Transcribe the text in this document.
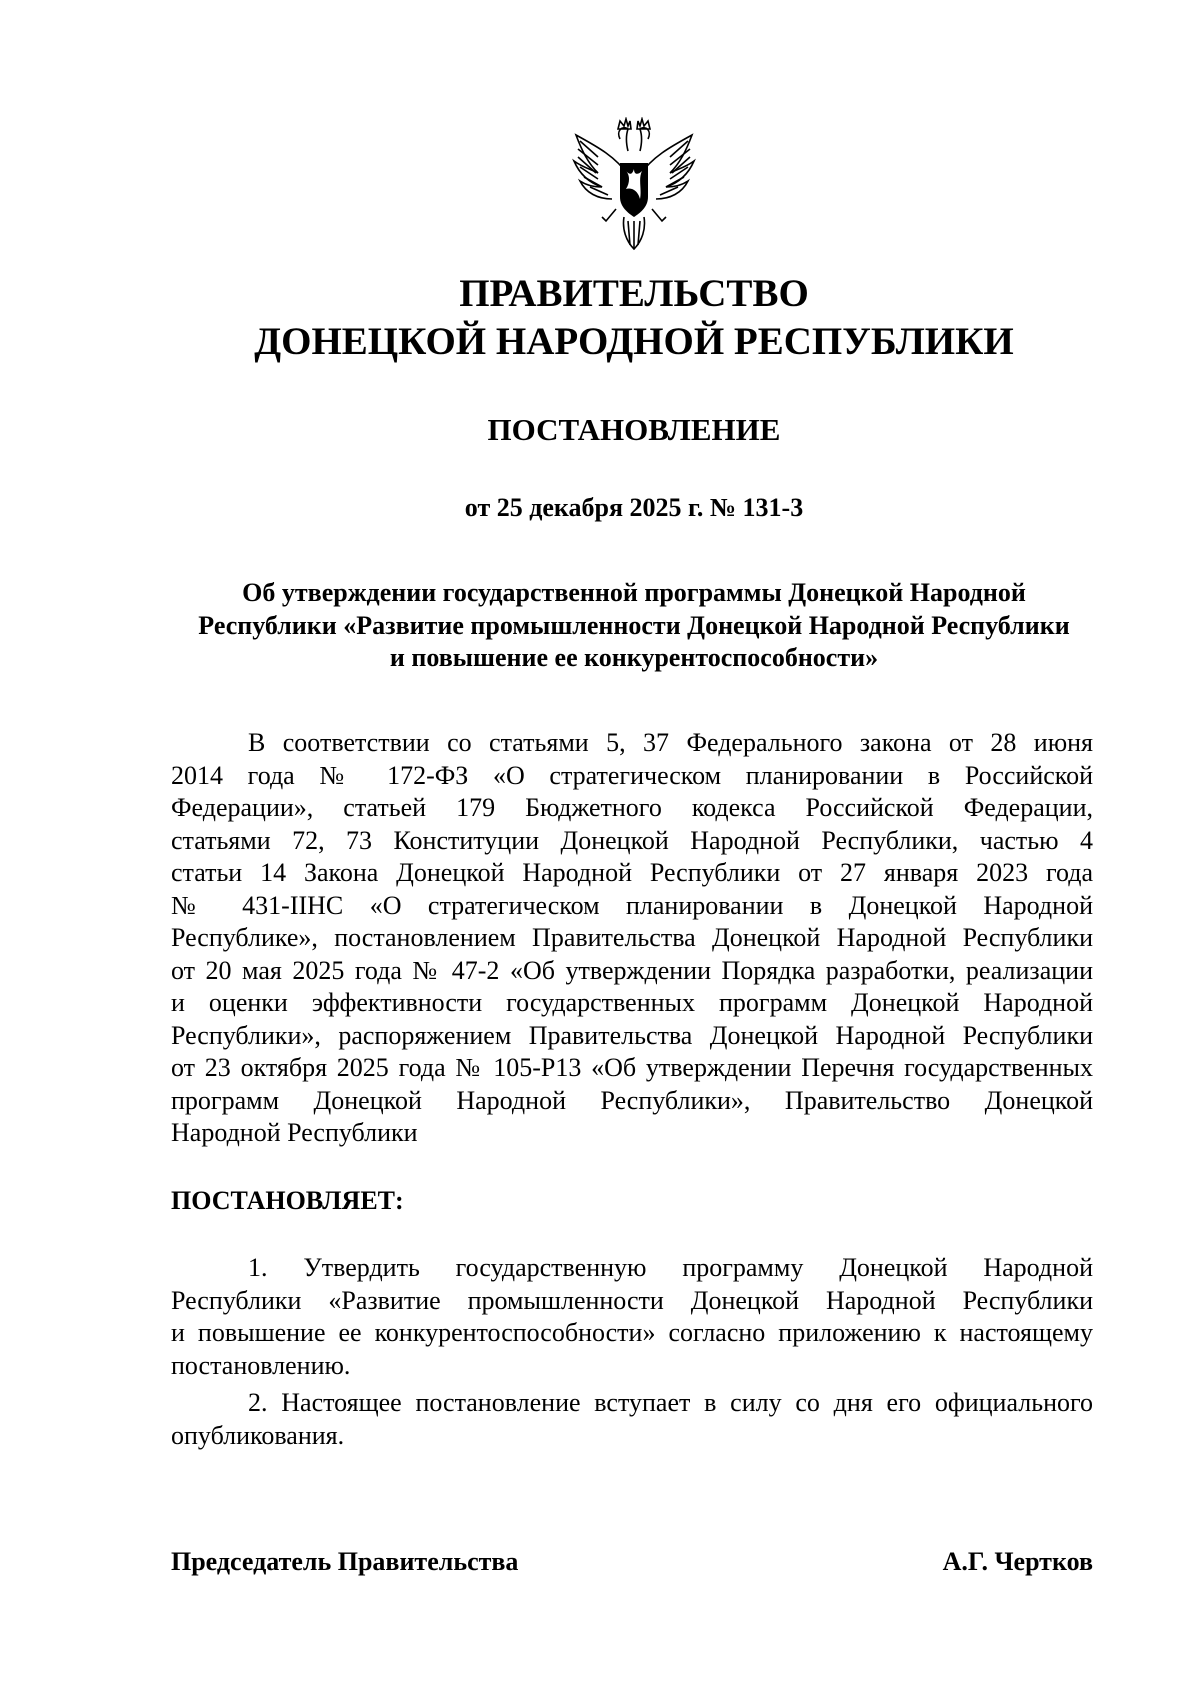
ПРАВИТЕЛЬСТВО

ДОНЕЦКОЙ НАРОДНОЙ РЕСПУБЛИКИ

ПОСТАНОВЛЕНИЕ

от 25 декабря 2025 г. № 131-3

Об утверждении государственной программы Донецкой Народной
Республики «Развитие промышленности Донецкой Народной Республики
и повышение ее конкурентоспособности»
В соответствии со статьями 5, 37 Федерального закона от 28 июня
2014 года № 172-ФЗ «О стратегическом планировании в Российской
Федерации», статьей 179 Бюджетного кодекса Российской Федерации,
статьями 72, 73 Конституции Донецкой Народной Республики, частью 4
статьи 14 Закона Донецкой Народной Республики от 27 января 2023 года
№ 431-IIНС «О стратегическом планировании в Донецкой Народной
Республике», постановлением Правительства Донецкой Народной Республики
от 20 мая 2025 года № 47-2 «Об утверждении Порядка разработки, реализации
и оценки эффективности государственных программ Донецкой Народной
Республики», распоряжением Правительства Донецкой Народной Республики
от 23 октября 2025 года № 105-Р13 «Об утверждении Перечня государственных
программ Донецкой Народной Республики», Правительство Донецкой
Народной Республики

ПОСТАНОВЛЯЕТ:

1. Утвердить государственную программу Донецкой Народной
Республики «Развитие промышленности Донецкой Народной Республики
и повышение ее конкурентоспособности» согласно приложению к настоящему
постановлению.
2. Настоящее постановление вступает в силу со дня его официального
опубликования.

Председатель Правительства	А.Г. Чертков
